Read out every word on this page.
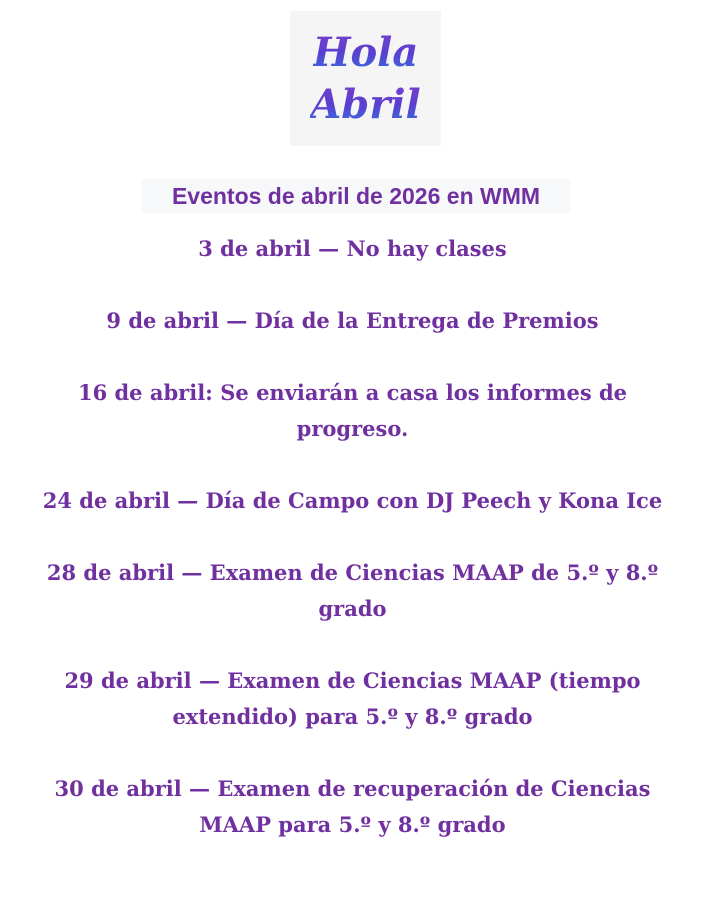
Hola
Abril
Eventos de abril de 2026 en WMM

3 de abril — No hay clases

9 de abril — Día de la Entrega de Premios

16 de abril: Se enviarán a casa los informes de progreso.

24 de abril — Día de Campo con DJ Peech y Kona Ice

28 de abril — Examen de Ciencias MAAP de 5.º y 8.º grado

29 de abril — Examen de Ciencias MAAP (tiempo extendido) para 5.º y 8.º grado

30 de abril — Examen de recuperación de Ciencias MAAP para 5.º y 8.º grado
